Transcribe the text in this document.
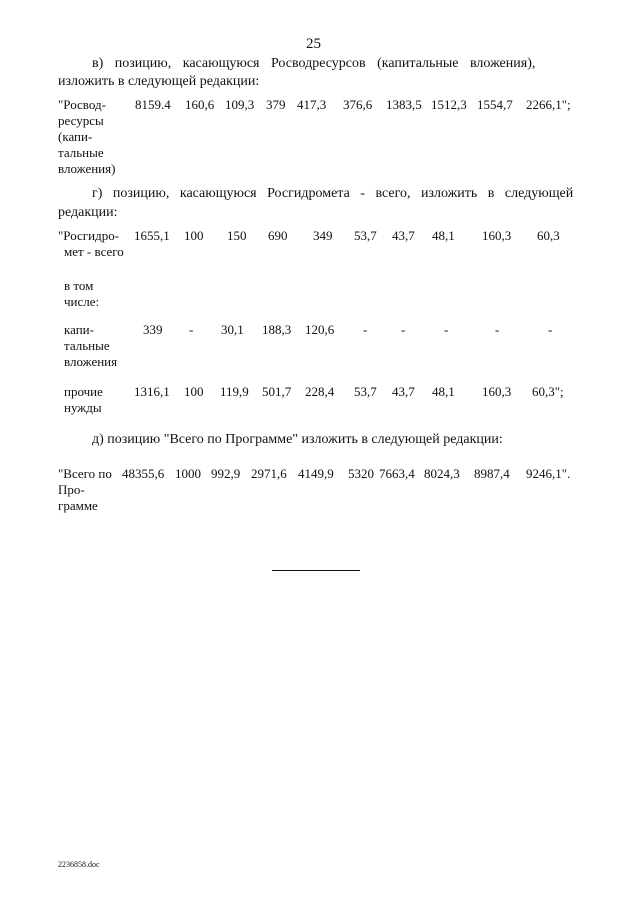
25
в) позицию, касающуюся Росводресурсов (капитальные вложения),
изложить в следующей редакции:
"Росвод-
ресурсы
(капи-
тальные
вложения)
8159.4 160,6 109,3 379 417,3 376,6 1383,5 1512,3 1554,7 2266,1";
г) позицию, касающуюся Росгидромета - всего, изложить в следующей
редакции:
"Росгидро-
мет - всего
1655,1 100 150 690 349 53,7 43,7 48,1 160,3 60,3
в том
числе:
капи-
тальные
вложения
339 - 30,1 188,3 120,6 -	-	-	-	-
прочие
нужды
1316,1 100 119,9 501,7 228,4 53,7 43,7 48,1 160,3 60,3";
д) позицию "Всего по Программе" изложить в следующей редакции:
"Всего по
Про-
грамме
48355,6 1000 992,9 2971,6 4149,9 5320 7663,4 8024,3 8987,4 9246,1".
2236858.doc
